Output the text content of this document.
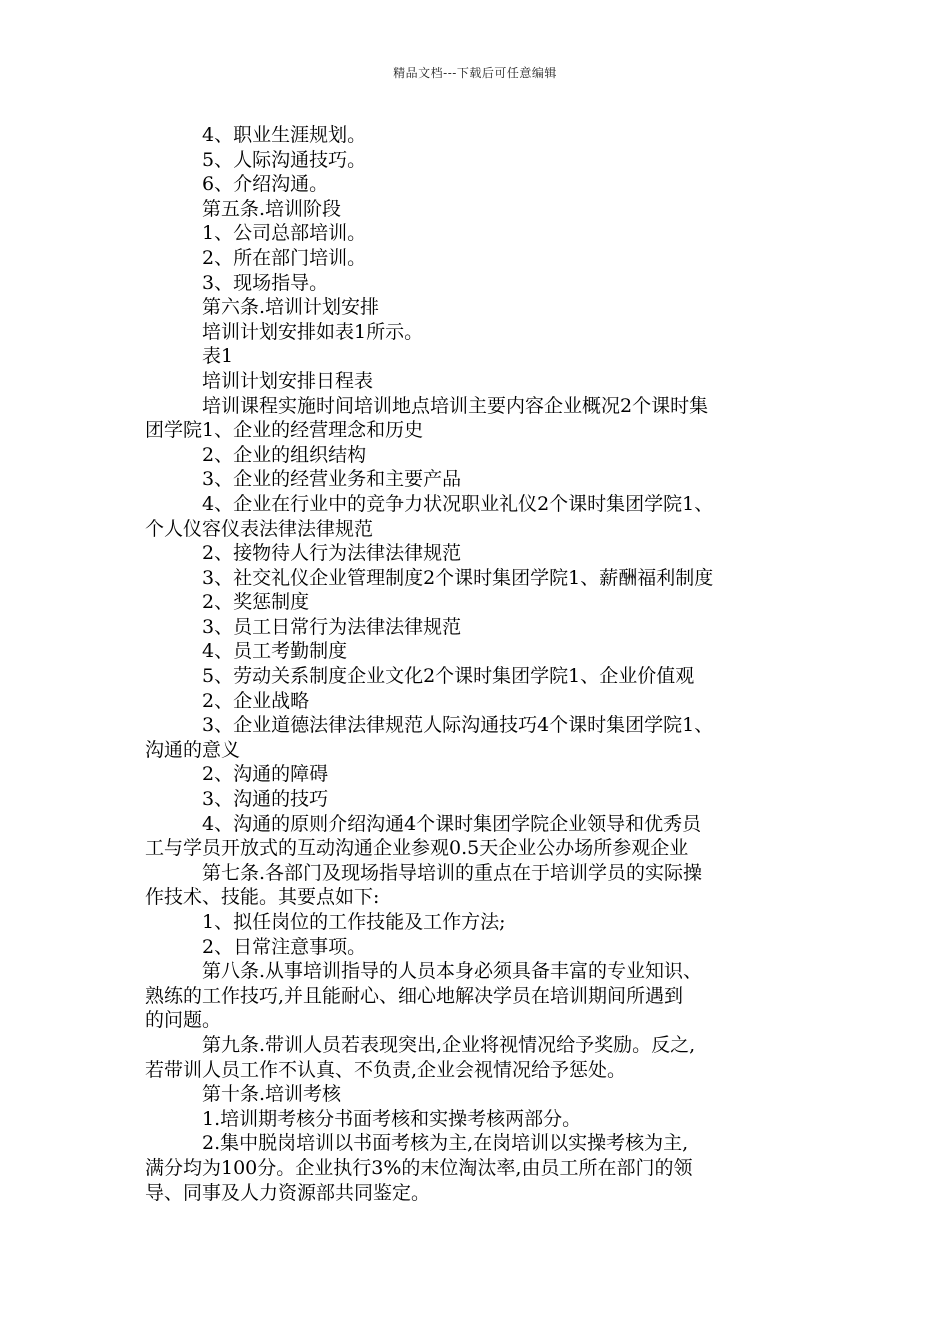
精品文档---下载后可任意编辑
4、职业生涯规划。
5、人际沟通技巧。
6、介绍沟通。
第五条.培训阶段
1、公司总部培训。
2、所在部门培训。
3、现场指导。
第六条.培训计划安排
培训计划安排如表1所示。
表1
培训计划安排日程表
培训课程实施时间培训地点培训主要内容企业概况2个课时集
团学院1、企业的经营理念和历史
2、企业的组织结构
3、企业的经营业务和主要产品
4、企业在行业中的竞争力状况职业礼仪2个课时集团学院1、
个人仪容仪表法律法律规范
2、接物待人行为法律法律规范
3、社交礼仪企业管理制度2个课时集团学院1、薪酬福利制度
2、奖惩制度
3、员工日常行为法律法律规范
4、员工考勤制度
5、劳动关系制度企业文化2个课时集团学院1、企业价值观
2、企业战略
3、企业道德法律法律规范人际沟通技巧4个课时集团学院1、
沟通的意义
2、沟通的障碍
3、沟通的技巧
4、沟通的原则介绍沟通4个课时集团学院企业领导和优秀员
工与学员开放式的互动沟通企业参观0.5天企业公办场所参观企业
第七条.各部门及现场指导培训的重点在于培训学员的实际操
作技术、技能。其要点如下:
1、拟任岗位的工作技能及工作方法;
2、日常注意事项。
第八条.从事培训指导的人员本身必须具备丰富的专业知识、
熟练的工作技巧,并且能耐心、细心地解决学员在培训期间所遇到
的问题。
第九条.带训人员若表现突出,企业将视情况给予奖励。反之,
若带训人员工作不认真、不负责,企业会视情况给予惩处。
第十条.培训考核
1.培训期考核分书面考核和实操考核两部分。
2.集中脱岗培训以书面考核为主,在岗培训以实操考核为主,
满分均为100分。企业执行3%的末位淘汰率,由员工所在部门的领
导、同事及人力资源部共同鉴定。
